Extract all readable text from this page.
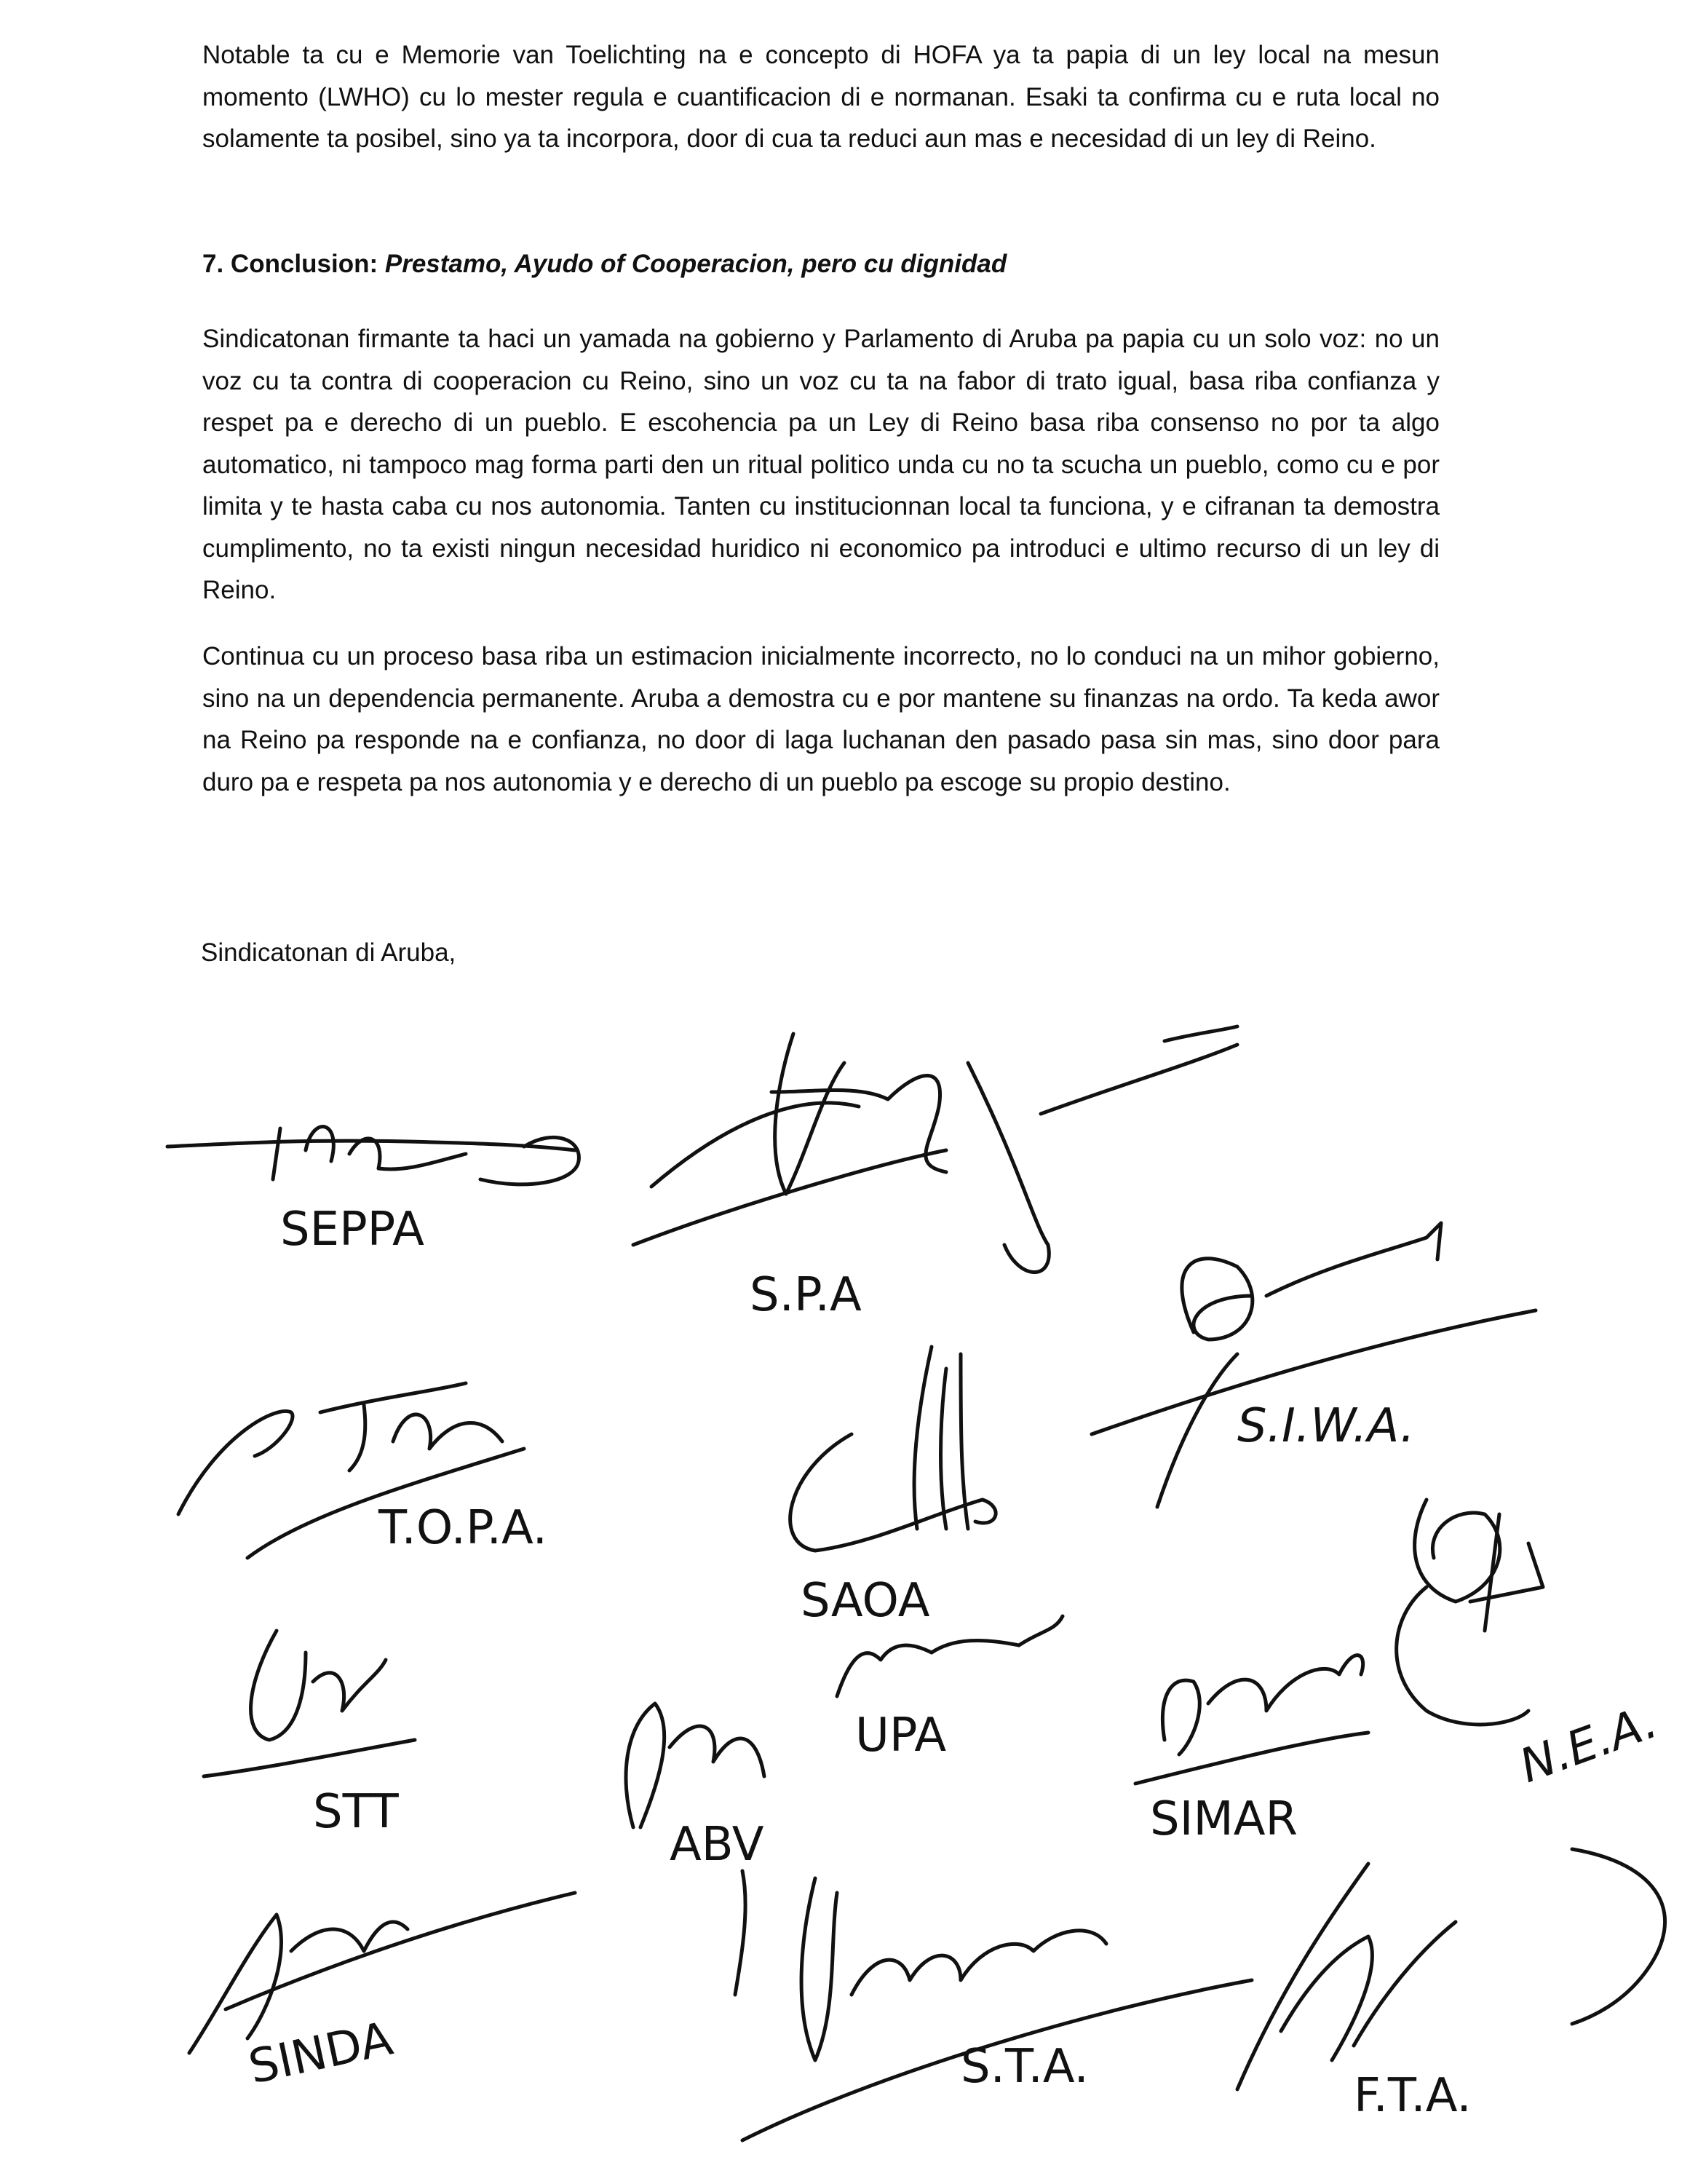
Notable ta cu e Memorie van Toelichting na e concepto di HOFA ya ta papia di un ley local na mesun momento (LWHO) cu lo mester regula e cuantificacion di e normanan. Esaki ta confirma cu e ruta local no solamente ta posibel, sino ya ta incorpora, door di cua ta reduci aun mas e necesidad di un ley di Reino.

7. Conclusion: Prestamo, Ayudo of Cooperacion, pero cu dignidad

Sindicatonan firmante ta haci un yamada na gobierno y Parlamento di Aruba pa papia cu un solo voz: no un voz cu ta contra di cooperacion cu Reino, sino un voz cu ta na fabor di trato igual, basa riba confianza y respet pa e derecho di un pueblo. E escohencia pa un Ley di Reino basa riba consenso no por ta algo automatico, ni tampoco mag forma parti den un ritual politico unda cu no ta scucha un pueblo, como cu e por limita y te hasta caba cu nos autonomia. Tanten cu institucionnan local ta funciona, y e cifranan ta demostra cumplimento, no ta existi ningun necesidad huridico ni economico pa introduci e ultimo recurso di un ley di Reino.

Continua cu un proceso basa riba un estimacion inicialmente incorrecto, no lo conduci na un mihor gobierno, sino na un dependencia permanente. Aruba a demostra cu e por mantene su finanzas na ordo. Ta keda awor na Reino pa responde na e confianza, no door di laga luchanan den pasado pasa sin mas, sino door para duro pa e respeta pa nos autonomia y e derecho di un pueblo pa escoge su propio destino.

Sindicatonan di Aruba,
SEPPA
S.P.A
S.I.W.A.
T.O.P.A.
SAOA
UPA	N.E.A.
STT
ABV	SIMAR
SINDA	S.T.A.
F.T.A.
